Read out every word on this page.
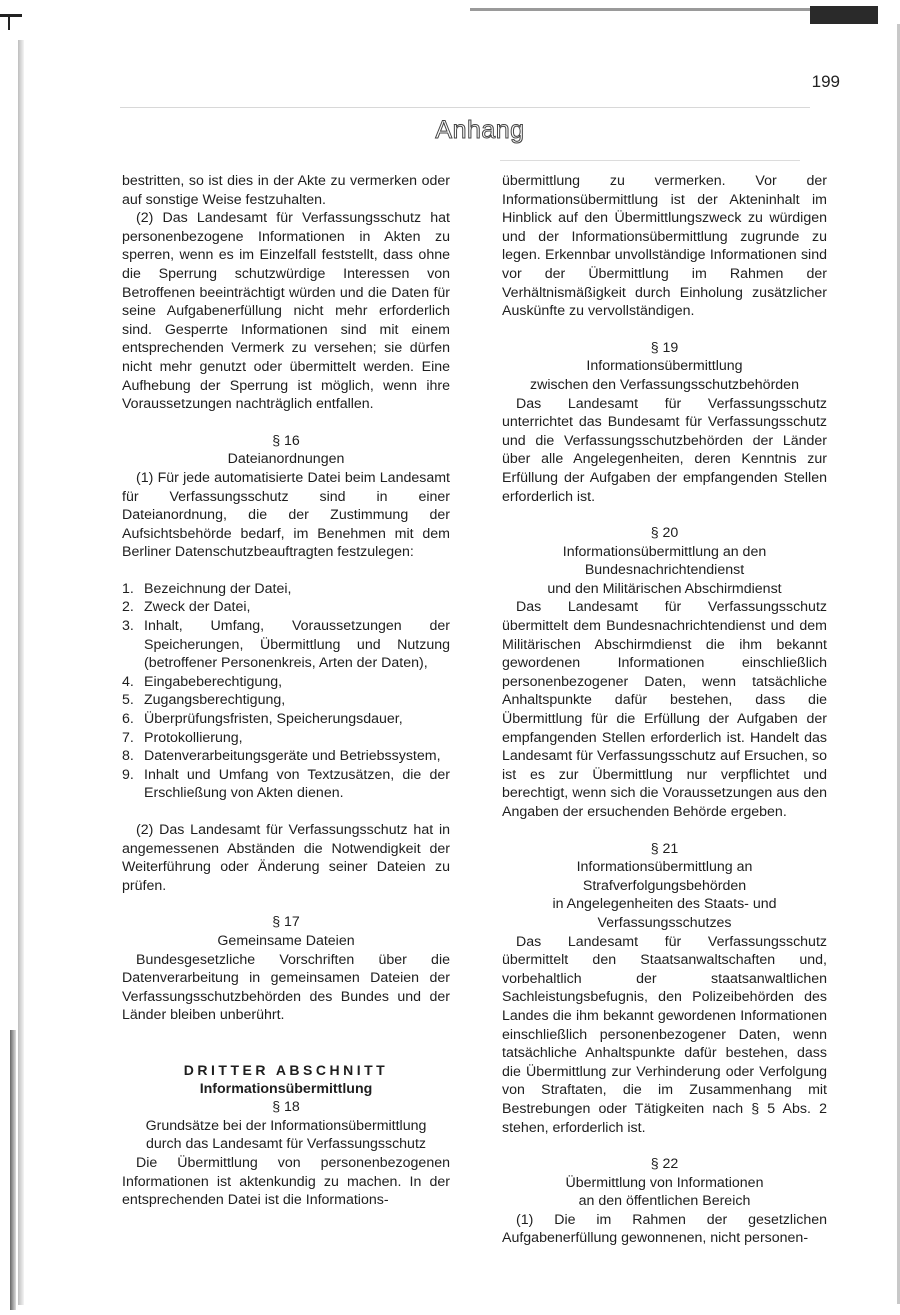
199
Anhang

bestritten, so ist dies in der Akte zu vermerken oder auf sonstige Weise festzuhalten.

(2) Das Landesamt für Verfassungsschutz hat personenbezogene Informationen in Akten zu sperren, wenn es im Einzelfall feststellt, dass ohne die Sperrung schutzwürdige Interessen von Betroffenen beeinträchtigt würden und die Daten für seine Aufgabenerfüllung nicht mehr erforderlich sind. Gesperrte Informationen sind mit einem entsprechenden Vermerk zu versehen; sie dürfen nicht mehr genutzt oder übermittelt werden. Eine Aufhebung der Sperrung ist möglich, wenn ihre Voraussetzungen nachträglich entfallen.

§ 16

Dateianordnungen

(1) Für jede automatisierte Datei beim Landesamt für Verfassungsschutz sind in einer Dateianordnung, die der Zustimmung der Aufsichtsbehörde bedarf, im Benehmen mit dem Berliner Datenschutzbeauftragten festzulegen:

1. Bezeichnung der Datei,
2. Zweck der Datei,
3. Inhalt, Umfang, Voraussetzungen der Speicherungen, Übermittlung und Nutzung (betroffener Personenkreis, Arten der Daten),
4. Eingabeberechtigung,
5. Zugangsberechtigung,
6. Überprüfungsfristen, Speicherungsdauer,
7. Protokollierung,
8. Datenverarbeitungsgeräte und Betriebssystem,
9. Inhalt und Umfang von Textzusätzen, die der Erschließung von Akten dienen.

(2) Das Landesamt für Verfassungsschutz hat in angemessenen Abständen die Notwendigkeit der Weiterführung oder Änderung seiner Dateien zu prüfen.

§ 17

Gemeinsame Dateien

Bundesgesetzliche Vorschriften über die Datenverarbeitung in gemeinsamen Dateien der Verfassungsschutzbehörden des Bundes und der Länder bleiben unberührt.

DRITTER ABSCHNITT

Informationsübermittlung

§ 18

Grundsätze bei der Informationsübermittlung

durch das Landesamt für Verfassungsschutz

Die Übermittlung von personenbezogenen Informationen ist aktenkundig zu machen. In der entsprechenden Datei ist die Informations-

übermittlung zu vermerken. Vor der Informationsübermittlung ist der Akteninhalt im Hinblick auf den Übermittlungszweck zu würdigen und der Informationsübermittlung zugrunde zu legen. Erkennbar unvollständige Informationen sind vor der Übermittlung im Rahmen der Verhältnismäßigkeit durch Einholung zusätzlicher Auskünfte zu vervollständigen.

§ 19

Informationsübermittlung

zwischen den Verfassungsschutzbehörden

Das Landesamt für Verfassungsschutz unterrichtet das Bundesamt für Verfassungsschutz und die Verfassungsschutzbehörden der Länder über alle Angelegenheiten, deren Kenntnis zur Erfüllung der Aufgaben der empfangenden Stellen erforderlich ist.

§ 20

Informationsübermittlung an den

Bundesnachrichtendienst

und den Militärischen Abschirmdienst

Das Landesamt für Verfassungsschutz übermittelt dem Bundesnachrichtendienst und dem Militärischen Abschirmdienst die ihm bekannt gewordenen Informationen einschließlich personenbezogener Daten, wenn tatsächliche Anhaltspunkte dafür bestehen, dass die Übermittlung für die Erfüllung der Aufgaben der empfangenden Stellen erforderlich ist. Handelt das Landesamt für Verfassungsschutz auf Ersuchen, so ist es zur Übermittlung nur verpflichtet und berechtigt, wenn sich die Voraussetzungen aus den Angaben der ersuchenden Behörde ergeben.

§ 21

Informationsübermittlung an

Strafverfolgungsbehörden

in Angelegenheiten des Staats- und

Verfassungsschutzes

Das Landesamt für Verfassungsschutz übermittelt den Staatsanwaltschaften und, vorbehaltlich der staatsanwaltlichen Sachleistungsbefugnis, den Polizeibehörden des Landes die ihm bekannt gewordenen Informationen einschließlich personenbezogener Daten, wenn tatsächliche Anhaltspunkte dafür bestehen, dass die Übermittlung zur Verhinderung oder Verfolgung von Straftaten, die im Zusammenhang mit Bestrebungen oder Tätigkeiten nach § 5 Abs. 2 stehen, erforderlich ist.

§ 22

Übermittlung von Informationen

an den öffentlichen Bereich

(1) Die im Rahmen der gesetzlichen Aufgabenerfüllung gewonnenen, nicht personen-
